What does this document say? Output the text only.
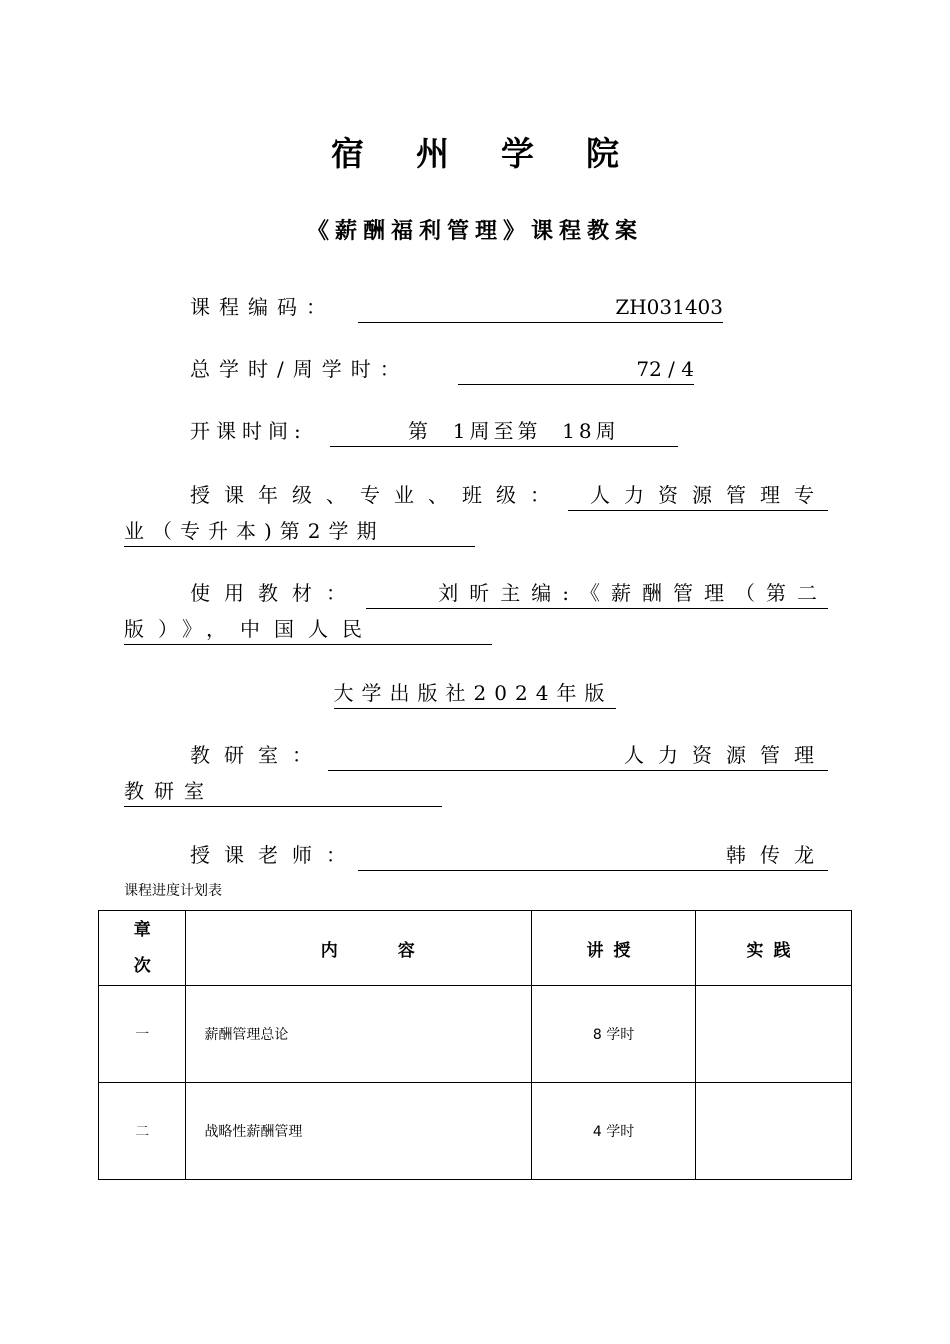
宿州学院
《薪酬福利管理》课程教案
课程编码：	ZH031403
总学时/周学时：	72 / 4
开课时间:	第  1周至第  18周
授课年级、专业、班级：	人力资源管理专
业（专升本)第2学期
使用教材：	刘昕主编:《薪酬管理（第二
版）》，中国人民
大学出版社2024年版
教研室：	人力资源管理
教研室
授课老师：	韩传龙
课程进度计划表
章次	内容	讲授	实践
一	薪酬管理总论	8 学时	
二	战略性薪酬管理	4 学时	
